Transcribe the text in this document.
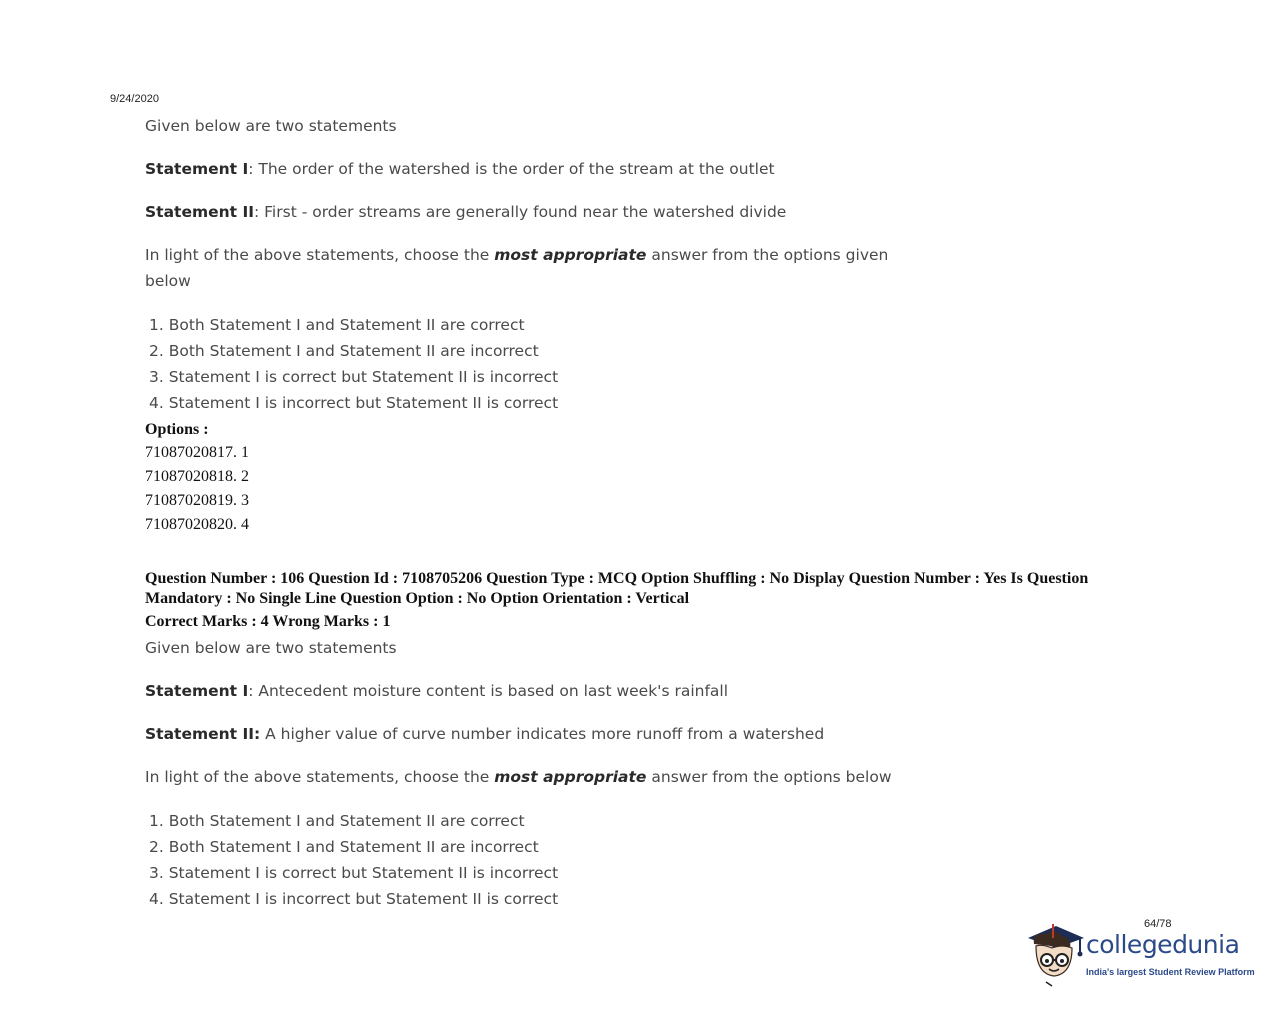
9/24/2020
Given below are two statements
Statement I: The order of the watershed is the order of the stream at the outlet
Statement II: First - order streams are generally found near the watershed divide
In light of the above statements, choose the most appropriate answer from the options given
below
1. Both Statement I and Statement II are correct
2. Both Statement I and Statement II are incorrect
3. Statement I is correct but Statement II is incorrect
4. Statement I is incorrect but Statement II is correct
Options :
71087020817. 1
71087020818. 2
71087020819. 3
71087020820. 4
Question Number : 106 Question Id : 7108705206 Question Type : MCQ Option Shuffling : No Display Question Number : Yes Is Question Mandatory : No Single Line Question Option : No Option Orientation : Vertical
Correct Marks : 4 Wrong Marks : 1
Given below are two statements
Statement I: Antecedent moisture content is based on last week's rainfall
Statement II: A higher value of curve number indicates more runoff from a watershed
In light of the above statements, choose the most appropriate answer from the options below
1. Both Statement I and Statement II are correct
2. Both Statement I and Statement II are incorrect
3. Statement I is correct but Statement II is incorrect
4. Statement I is incorrect but Statement II is correct
64/78
collegedunia
India's largest Student Review Platform
